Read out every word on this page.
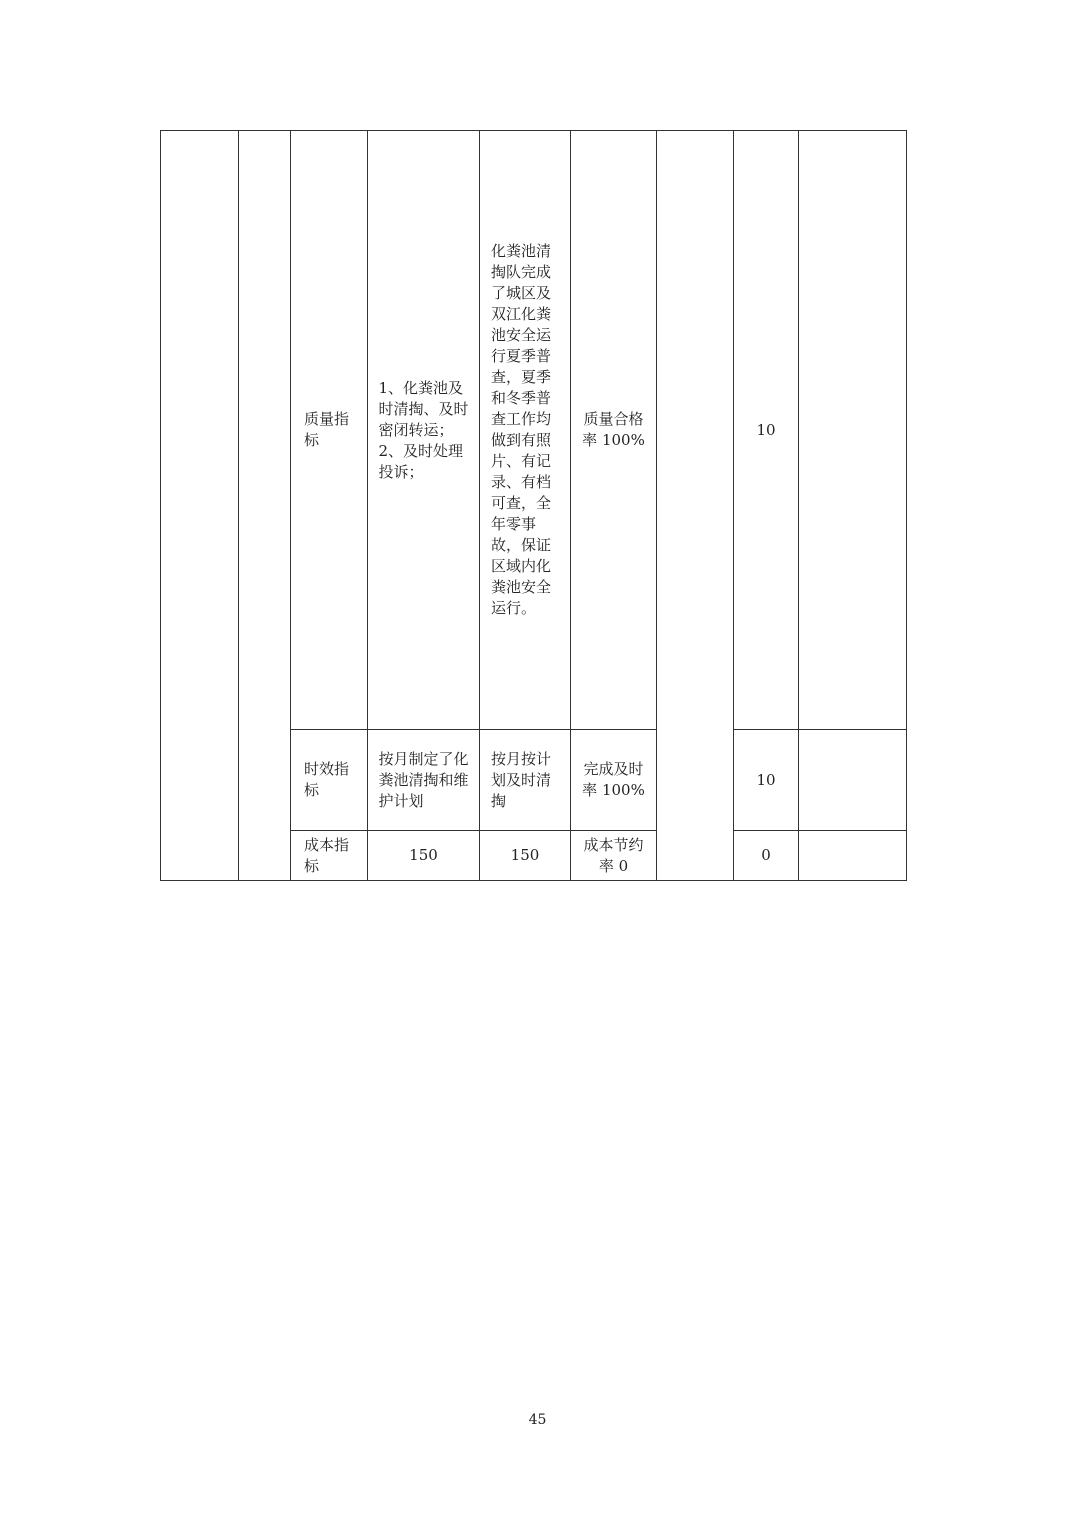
		质量指标	1、化粪池及时清掏、及时密闭转运； 2、及时处理投诉；	化粪池清掏队完成了城区及双江化粪池安全运行夏季普查，夏季和冬季普查工作均做到有照片、有记录、有档可查，全年零事故，保证区域内化粪池安全运行。	质量合格率 100%		10	
		时效指标	按月制定了化粪池清掏和维护计划	按月按计划及时清掏	完成及时率 100%		10	
		成本指标	150	150	成本节约率 0		0	
45
